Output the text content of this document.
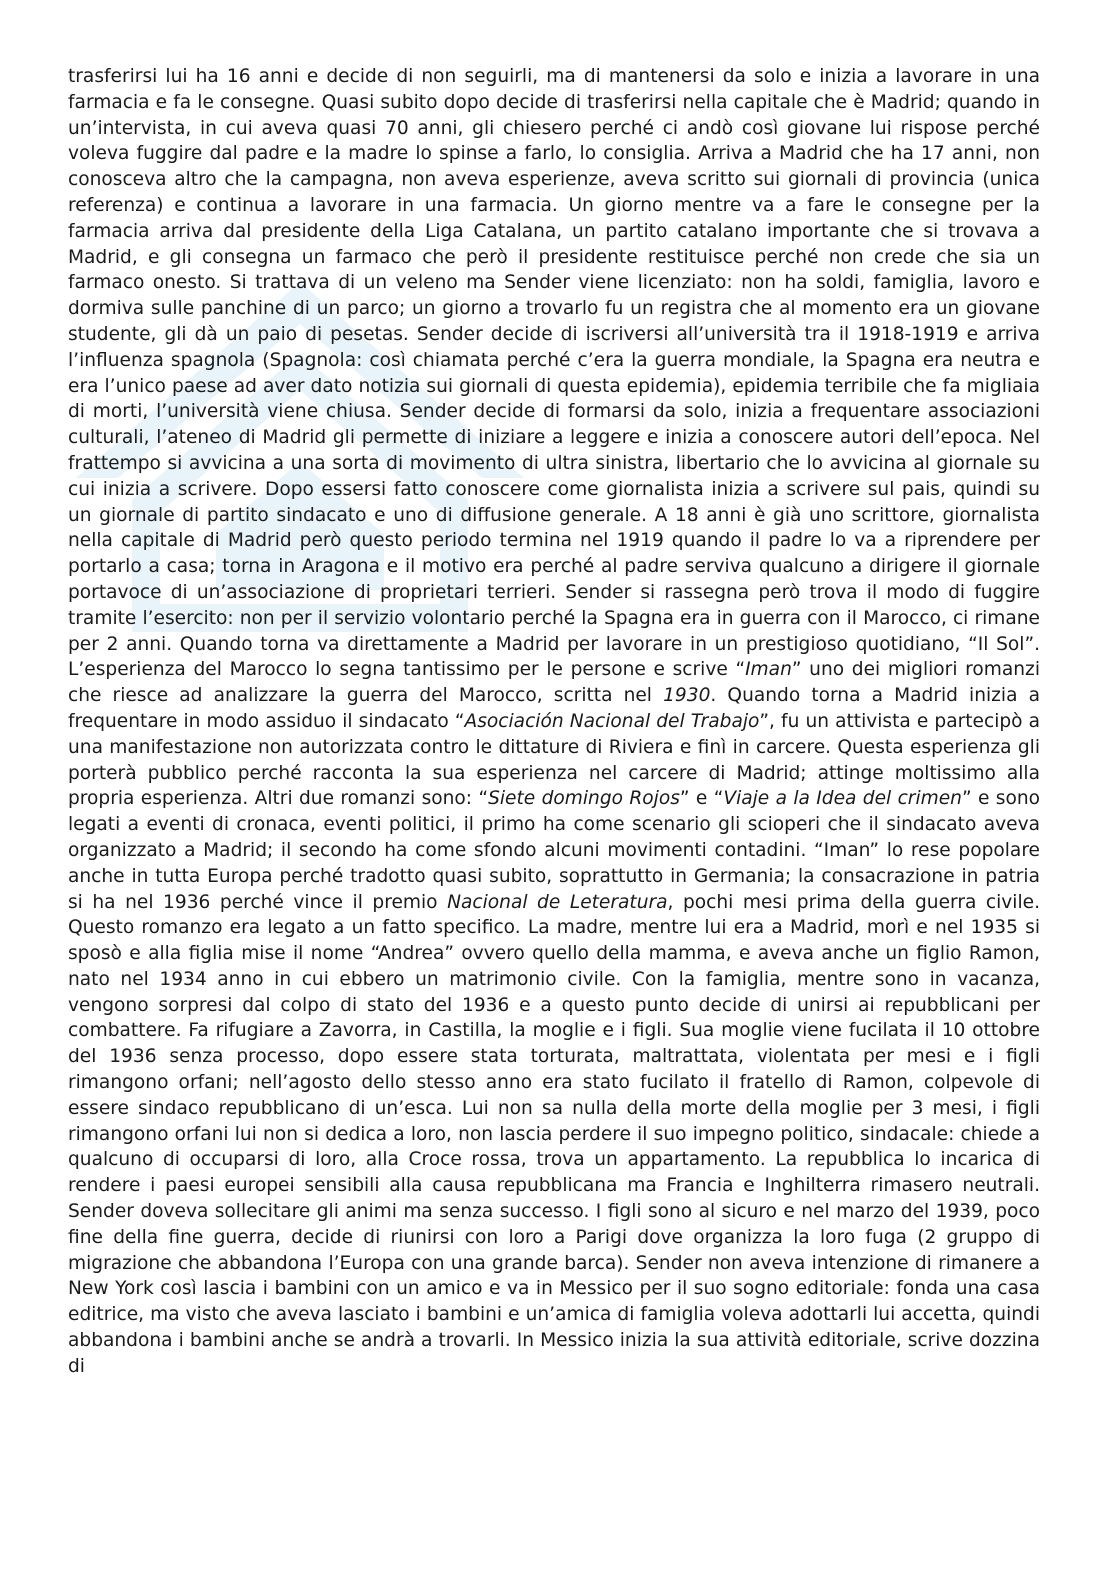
trasferirsi lui ha 16 anni e decide di non seguirli, ma di mantenersi da solo e inizia a lavorare in una farmacia e fa le consegne. Quasi subito dopo decide di trasferirsi nella capitale che è Madrid; quando in un’intervista, in cui aveva quasi 70 anni, gli chiesero perché ci andò così giovane lui rispose perché voleva fuggire dal padre e la madre lo spinse a farlo, lo consiglia. Arriva a Madrid che ha 17 anni, non conosceva altro che la campagna, non aveva esperienze, aveva scritto sui giornali di provincia (unica referenza) e continua a lavorare in una farmacia. Un giorno mentre va a fare le consegne per la farmacia arriva dal presidente della Liga Catalana, un partito catalano importante che si trovava a Madrid, e gli consegna un farmaco che però il presidente restituisce perché non crede che sia un farmaco onesto. Si trattava di un veleno ma Sender viene licenziato: non ha soldi, famiglia, lavoro e dormiva sulle panchine di un parco; un giorno a trovarlo fu un registra che al momento era un giovane studente, gli dà un paio di pesetas. Sender decide di iscriversi all’università tra il 1918-1919 e arriva l’influenza spagnola (Spagnola: così chiamata perché c’era la guerra mondiale, la Spagna era neutra e era l’unico paese ad aver dato notizia sui giornali di questa epidemia), epidemia terribile che fa migliaia di morti, l’università viene chiusa. Sender decide di formarsi da solo, inizia a frequentare associazioni culturali, l’ateneo di Madrid gli permette di iniziare a leggere e inizia a conoscere autori dell’epoca. Nel frattempo si avvicina a una sorta di movimento di ultra sinistra, libertario che lo avvicina al giornale su cui inizia a scrivere. Dopo essersi fatto conoscere come giornalista inizia a scrivere sul pais, quindi su un giornale di partito sindacato e uno di diffusione generale. A 18 anni è già uno scrittore, giornalista nella capitale di Madrid però questo periodo termina nel 1919 quando il padre lo va a riprendere per portarlo a casa; torna in Aragona e il motivo era perché al padre serviva qualcuno a dirigere il giornale portavoce di un’associazione di proprietari terrieri. Sender si rassegna però trova il modo di fuggire tramite l’esercito: non per il servizio volontario perché la Spagna era in guerra con il Marocco, ci rimane per 2 anni. Quando torna va direttamente a Madrid per lavorare in un prestigioso quotidiano, “Il Sol”. L’esperienza del Marocco lo segna tantissimo per le persone e scrive “Iman” uno dei migliori romanzi che riesce ad analizzare la guerra del Marocco, scritta nel 1930. Quando torna a Madrid inizia a frequentare in modo assiduo il sindacato “Asociación Nacional del Trabajo”, fu un attivista e partecipò a una manifestazione non autorizzata contro le dittature di Riviera e finì in carcere. Questa esperienza gli porterà pubblico perché racconta la sua esperienza nel carcere di Madrid; attinge moltissimo alla propria esperienza. Altri due romanzi sono: “Siete domingo Rojos” e “Viaje a la Idea del crimen” e sono legati a eventi di cronaca, eventi politici, il primo ha come scenario gli scioperi che il sindacato aveva organizzato a Madrid; il secondo ha come sfondo alcuni movimenti contadini. “Iman” lo rese popolare anche in tutta Europa perché tradotto quasi subito, soprattutto in Germania; la consacrazione in patria si ha nel 1936 perché vince il premio Nacional de Leteratura, pochi mesi prima della guerra civile. Questo romanzo era legato a un fatto specifico. La madre, mentre lui era a Madrid, morì e nel 1935 si sposò e alla figlia mise il nome “Andrea” ovvero quello della mamma, e aveva anche un figlio Ramon, nato nel 1934 anno in cui ebbero un matrimonio civile. Con la famiglia, mentre sono in vacanza, vengono sorpresi dal colpo di stato del 1936 e a questo punto decide di unirsi ai repubblicani per combattere. Fa rifugiare a Zavorra, in Castilla, la moglie e i figli. Sua moglie viene fucilata il 10 ottobre del 1936 senza processo, dopo essere stata torturata, maltrattata, violentata per mesi e i figli rimangono orfani; nell’agosto dello stesso anno era stato fucilato il fratello di Ramon, colpevole di essere sindaco repubblicano di un’esca. Lui non sa nulla della morte della moglie per 3 mesi, i figli rimangono orfani lui non si dedica a loro, non lascia perdere il suo impegno politico, sindacale: chiede a qualcuno di occuparsi di loro, alla Croce rossa, trova un appartamento. La repubblica lo incarica di rendere i paesi europei sensibili alla causa repubblicana ma Francia e Inghilterra rimasero neutrali. Sender doveva sollecitare gli animi ma senza successo. I figli sono al sicuro e nel marzo del 1939, poco fine della fine guerra, decide di riunirsi con loro a Parigi dove organizza la loro fuga (2 gruppo di migrazione che abbandona l’Europa con una grande barca). Sender non aveva intenzione di rimanere a New York così lascia i bambini con un amico e va in Messico per il suo sogno editoriale: fonda una casa editrice, ma visto che aveva lasciato i bambini e un’amica di famiglia voleva adottarli lui accetta, quindi abbandona i bambini anche se andrà a trovarli. In Messico inizia la sua attività editoriale, scrive dozzina di
